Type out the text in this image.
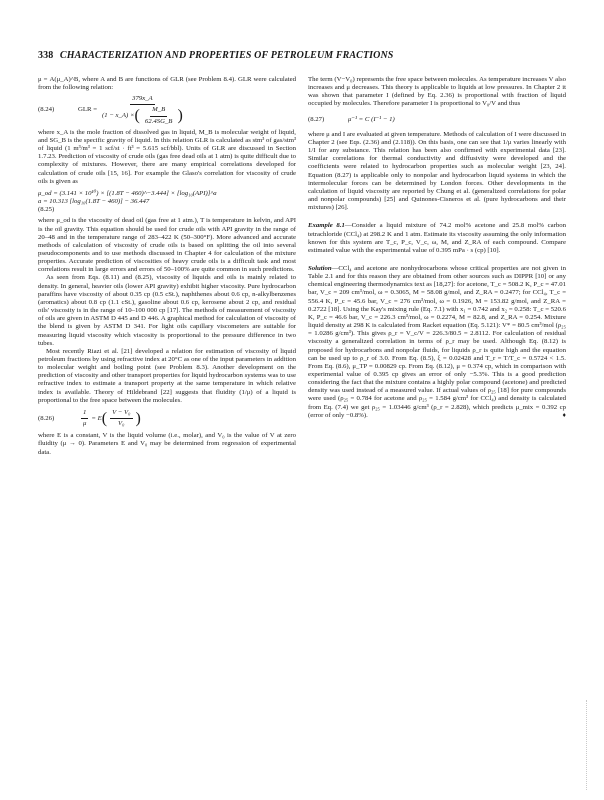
338 CHARACTERIZATION AND PROPERTIES OF PETROLEUM FRACTIONS

μ = A(μ_A)^B, where A and B are functions of GLR (see Problem 8.4). GLR were calculated from the following relation:

(8.24)	GLR =
379x_A
(1 − x_A) × ( $\frac{M\_B}{62.4SG\_B}$ )

where x_A is the mole fraction of dissolved gas in liquid, M_B is molecular weight of liquid, and SG_B is the specific gravity of liquid. In this relation GLR is calculated as stm³ of gas/stm³ of liquid (1 m³/m³ = 1 scf/st · ft³ = 5.615 scf/bbl). Units of GLR are discussed in Section 1.7.23. Prediction of viscosity of crude oils (gas free dead oils at 1 atm) is quite difficult due to complexity of mixtures. However, there are many empirical correlations developed for calculation of crude oils [15, 16]. For example the Glaso's correlation for viscosity of crude oils is given as

μ_od = (3.141 × 10¹⁰) × [(1.8T − 460)^−3.444] × [log₁₀(API)]^a
a = 10.313 [log₁₀(1.8T − 460)] − 36.447
(8.25)

where μ_od is the viscosity of dead oil (gas free at 1 atm.), T is temperature in kelvin, and API is the oil gravity. This equation should be used for crude oils with API gravity in the range of 20–48 and in the temperature range of 283–422 K (50–300°F). More advanced and accurate methods of calculation of viscosity of crude oils is based on splitting the oil into several pseudocomponents and to use methods discussed in Chapter 4 for calculation of the mixture properties. Accurate prediction of viscosities of heavy crude oils is a difficult task and most correlations result in large errors and errors of 50–100% are quite common in such predictions.

As seen from Eqs. (8.11) and (8.25), viscosity of liquids and oils is mainly related to density. In general, heavier oils (lower API gravity) exhibit higher viscosity. Pure hydrocarbon paraffins have viscosity of about 0.35 cp (0.5 cSt.), naphthenes about 0.6 cp, n-alkylbenzenes (aromatics) about 0.8 cp (1.1 cSt.), gasoline about 0.6 cp, kerosene about 2 cp, and residual oils' viscosity is in the range of 10–100 000 cp [17]. The methods of measurement of viscosity of oils are given in ASTM D 445 and D 446. A graphical method for calculation of viscosity of the blend is given by ASTM D 341. For light oils capillary viscometers are suitable for measuring liquid viscosity which viscosity is proportional to the pressure difference in two tubes.

Most recently Riazi et al. [21] developed a relation for estimation of viscosity of liquid petroleum fractions by using refractive index at 20°C as one of the input parameters in addition to molecular weight and boiling point (see Problem 8.3). Another development on the prediction of viscosity and other transport properties for liquid hydrocarbon systems was to use refractive index to estimate a transport property at the same temperature in which relative index is available. Theory of Hildebrand [22] suggests that fluidity (1/μ) of a liquid is proportional to the free space between the molecules.

(8.26)	$\frac{1}{\mu} = E$ ( $\frac{\text{V − V₀}}{\text{V₀}}$ )

where E is a constant, V is the liquid volume (i.e., molar), and V₀ is the value of V at zero fluidity (μ → 0). Parameters E and V₀ may be determined from regression of experimental data.

The term (V−V₀) represents the free space between molecules. As temperature increases V also increases and μ decreases. This theory is applicable to liquids at low pressures. In Chapter 2 it was shown that parameter I (defined by Eq. 2.36) is proportional with fraction of liquid occupied by molecules. Therefore parameter I is proportional to V₀/V and thus

(8.27)	μ⁻¹ = C (I⁻¹ − 1)

where μ and I are evaluated at given temperature. Methods of calculation of I were discussed in Chapter 2 (see Eqs. (2.36) and (2.118)). On this basis, one can see that 1/μ varies linearly with 1/I for any substance. This relation has been also confirmed with experimental data [23]. Similar correlations for thermal conductivity and diffusivity were developed and the coefficients were related to hydrocarbon properties such as molecular weight [23, 24]. Equation (8.27) is applicable only to nonpolar and hydrocarbon liquid systems in which the intermolecular forces can be determined by London forces. Other developments in the calculation of liquid viscosity are reported by Chung et al. (generalized correlations for polar and nonpolar compounds) [25] and Quinones-Cisneros et al. (pure hydrocarbons and their mixtures) [26].

Example 8.1—Consider a liquid mixture of 74.2 mol% acetone and 25.8 mol% carbon tetrachloride (CCl₄) at 298.2 K and 1 atm. Estimate its viscosity assuming the only information known for this system are T_c, P_c, V_c, ω, M, and Z_RA of each compound. Compare estimated value with the experimental value of 0.395 mPa · s (cp) [10].

Solution—CCl₄ and acetone are nonhydrocarbons whose critical properties are not given in Table 2.1 and for this reason they are obtained from other sources such as DIPPR [10] or any chemical engineering thermodynamics text as [18,27]: for acetone, T_c = 508.2 K, P_c = 47.01 bar, V_c = 209 cm³/mol, ω = 0.3065, M = 58.08 g/mol, and Z_RA = 0.2477; for CCl₄, T_c = 556.4 K, P_c = 45.6 bar, V_c = 276 cm³/mol, ω = 0.1926, M = 153.82 g/mol, and Z_RA = 0.2722 [18]. Using the Kay's mixing rule (Eq. 7.1) with x₁ = 0.742 and x₂ = 0.258: T_c = 520.6 K, P_c = 46.6 bar, V_c = 226.3 cm³/mol, ω = 0.2274, M = 82.8, and Z_RA = 0.254. Mixture liquid density at 298 K is calculated from Racket equation (Eq. 5.121): V* = 80.5 cm³/mol (ρ₂₅ = 1.0286 g/cm³). This gives ρ_r = V_c/V = 226.3/80.5 = 2.8112. For calculation of residual viscosity a generalized correlation in terms of ρ_r may be used. Although Eq. (8.12) is proposed for hydrocarbons and nonpolar fluids, for liquids ρ_r is quite high and the equation can be used up to ρ_r of 3.0. From Eq. (8.5), ξ = 0.02428 and T_r = T/T_c = 0.5724 < 1.5. From Eq. (8.6), μ_TP = 0.00829 cp. From Eq. (8.12), μ = 0.374 cp, which in comparison with experimental value of 0.395 cp gives an error of only −5.3%. This is a good prediction considering the fact that the mixture contains a highly polar compound (acetone) and predicted density was used instead of a measured value. If actual values of ρ₂₅ [18] for pure compounds were used (ρ₂₅ = 0.784 for acetone and ρ₂₅ = 1.584 g/cm³ for CCl₄) and density is calculated from Eq. (7.4) we get ρ₂₅ = 1.03446 g/cm³ (ρ_r = 2.828), which predicts μ_mix = 0.392 cp (error of only −0.8%).	♦
